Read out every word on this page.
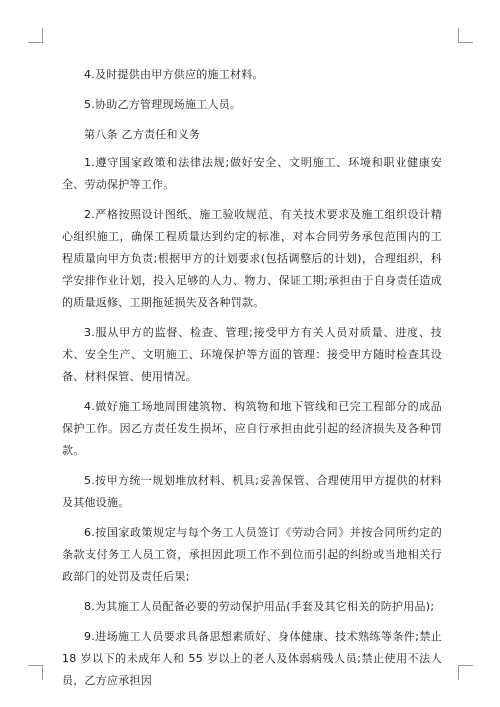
4.及时提供由甲方供应的施工材料。

5.协助乙方管理现场施工人员。

第八条 乙方责任和义务

1.遵守国家政策和法律法规;做好安全、文明施工、环境和职业健康安全、劳动保护等工作。

2.严格按照设计图纸、施工验收规范、有关技术要求及施工组织设计精心组织施工，确保工程质量达到约定的标准，对本合同劳务承包范围内的工程质量向甲方负责;根据甲方的计划要求(包括调整后的计划)，合理组织，科学安排作业计划，投入足够的人力、物力、保证工期;承担由于自身责任造成的质量返修、工期拖延损失及各种罚款。

3.服从甲方的监督、检查、管理;接受甲方有关人员对质量、进度、技术、安全生产、文明施工、环境保护等方面的管理：接受甲方随时检查其设备、材料保管、使用情况。

4.做好施工场地周围建筑物、构筑物和地下管线和已完工程部分的成品保护工作。因乙方责任发生损坏，应自行承担由此引起的经济损失及各种罚款。

5.按甲方统一规划堆放材料、机具;妥善保管、合理使用甲方提供的材料及其他设施。

6.按国家政策规定与每个务工人员签订《劳动合同》并按合同所约定的条款支付务工人员工资，承担因此项工作不到位而引起的纠纷或当地相关行政部门的处罚及责任后果;

8.为其施工人员配备必要的劳动保护用品(手套及其它相关的防护用品);

9.进场施工人员要求具备思想素质好、身体健康、技术熟练等条件;禁止 18 岁以下的未成年人和 55 岁以上的老人及体弱病残人员;禁止使用不法人员，乙方应承担因
